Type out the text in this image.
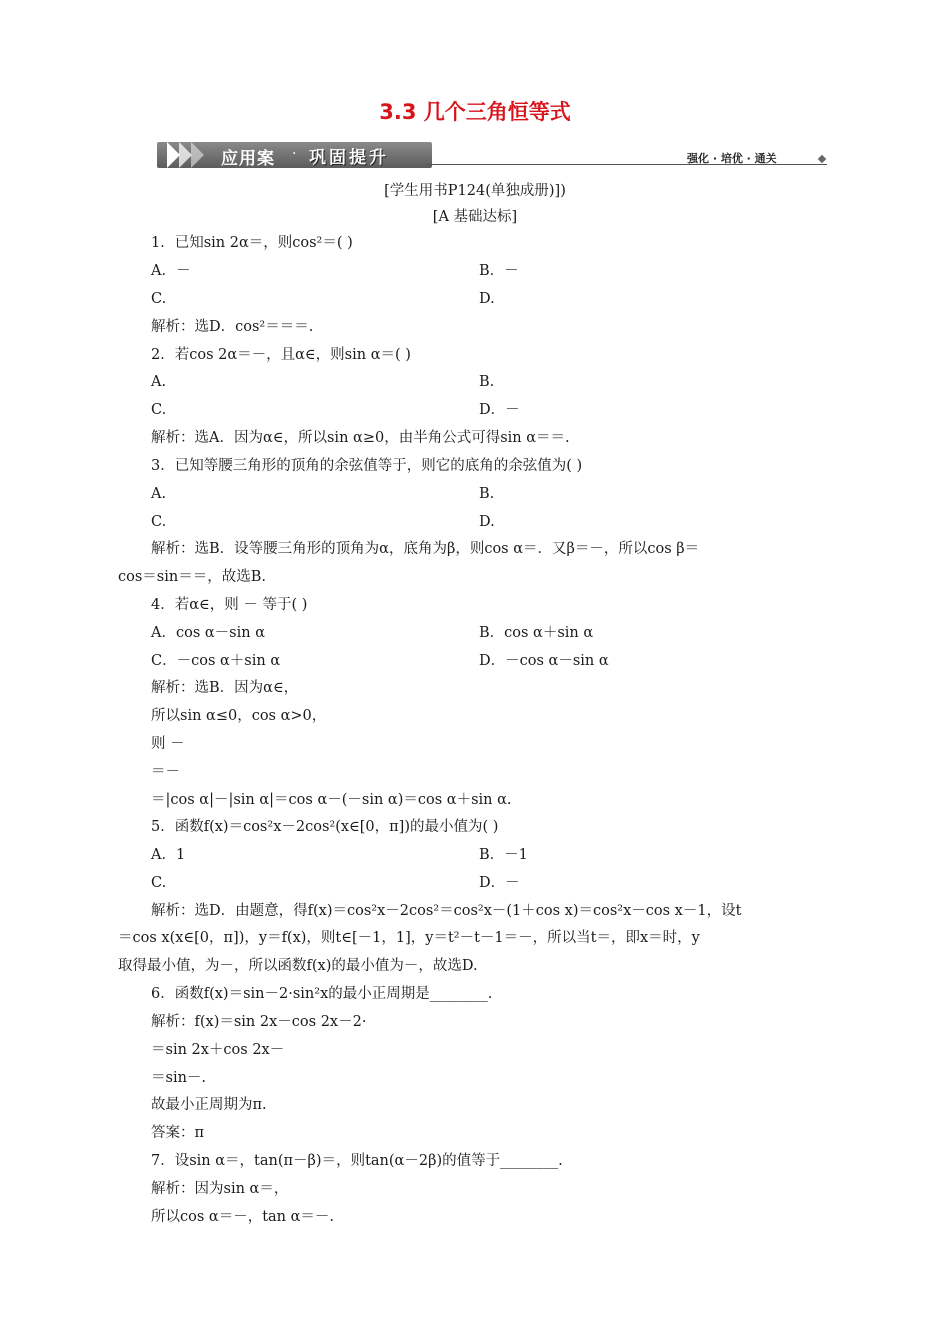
3.3 几个三角恒等式
应用案 · 巩固提升	强化 · 培优 · 通关
[学生用书P124(单独成册)])
[A 基础达标]
1．已知sin 2α＝，则cos²＝( )
A．－	B．－
C.	D.
解析：选D．cos²＝＝＝.
2．若cos 2α＝－，且α∈，则sin α＝( )
A.	B.
C.	D．－
解析：选A．因为α∈，所以sin α≥0，由半角公式可得sin α＝＝.
3．已知等腰三角形的顶角的余弦值等于，则它的底角的余弦值为( )
A.	B.
C.	D.
解析：选B．设等腰三角形的顶角为α，底角为β，则cos α＝．又β＝－，所以cos β＝
cos＝sin＝＝，故选B.
4．若α∈，则 － 等于( )
A．cos α－sin α	B．cos α＋sin α
C．－cos α＋sin α	D．－cos α－sin α
解析：选B．因为α∈，
所以sin α≤0，cos α>0，
则 －
＝－
＝|cos α|－|sin α|＝cos α－(－sin α)＝cos α＋sin α.
5．函数f(x)＝cos²x－2cos²(x∈[0，π])的最小值为( )
A．1	B．－1
C.	D．－
解析：选D．由题意，得f(x)＝cos²x－2cos²＝cos²x－(1＋cos x)＝cos²x－cos x－1，设t
＝cos x(x∈[0，π])，y＝f(x)，则t∈[－1，1]，y＝t²－t－1＝－，所以当t＝，即x＝时，y
取得最小值，为－，所以函数f(x)的最小值为－，故选D.
6．函数f(x)＝sin－2·sin²x的最小正周期是________.
解析：f(x)＝sin 2x－cos 2x－2·
＝sin 2x＋cos 2x－
＝sin－.
故最小正周期为π.
答案：π
7．设sin α＝，tan(π－β)＝，则tan(α－2β)的值等于________.
解析：因为sin α＝，
所以cos α＝－，tan α＝－.
